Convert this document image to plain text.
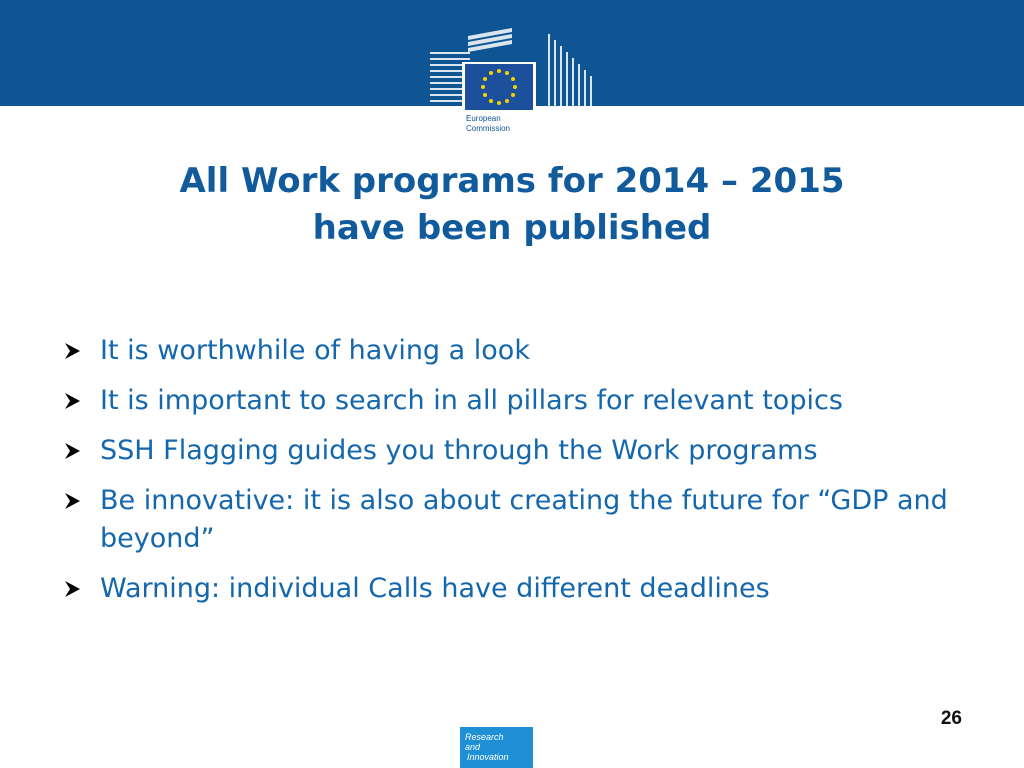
European
Commission
All Work programs for 2014 – 2015
have been published
It is worthwhile of having a look
It is important to search in all pillars for relevant topics
SSH Flagging guides you through the Work programs
Be innovative: it is also about creating the future for “GDP and beyond”
Warning: individual Calls have different deadlines
26
Research
and
Innovation
